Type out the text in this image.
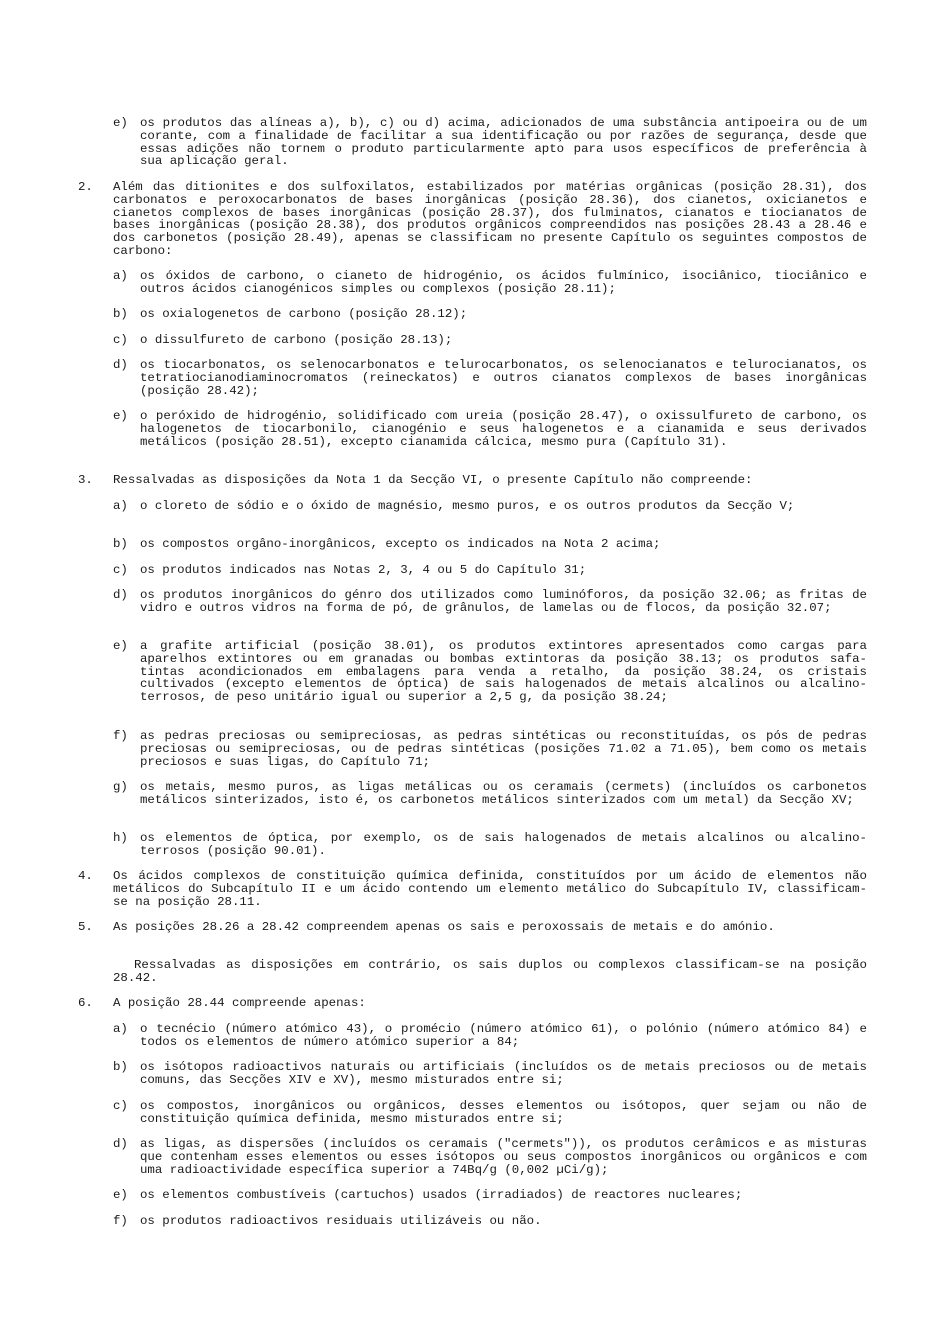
e) os produtos das alíneas a), b), c) ou d) acima, adicionados de uma substância antipoeira ou de um corante, com a finalidade de facilitar a sua identificação ou por razões de segurança, desde que essas adições não tornem o produto particularmente apto para usos específicos de preferência à sua aplicação geral.
2. Além das ditionites e dos sulfoxilatos, estabilizados por matérias orgânicas (posição 28.31), dos carbonatos e peroxocarbonatos de bases inorgânicas (posição 28.36), dos cianetos, oxicianetos e cianetos complexos de bases inorgânicas (posição 28.37), dos fulminatos, cianatos e tiocianatos de bases inorgânicas (posição 28.38), dos produtos orgânicos compreendidos nas posições 28.43 a 28.46 e dos carbonetos (posição 28.49), apenas se classificam no presente Capítulo os seguintes compostos de carbono:
a) os óxidos de carbono, o cianeto de hidrogénio, os ácidos fulmínico, isociânico, tiociânico e outros ácidos cianogénicos simples ou complexos (posição 28.11);
b) os oxialogenetos de carbono (posição 28.12);
c) o dissulfureto de carbono (posição 28.13);
d) os tiocarbonatos, os selenocarbonatos e telurocarbonatos, os selenocianatos e telurocianatos, os tetratiocianodiaminocromatos (reineckatos) e outros cianatos complexos de bases inorgânicas (posição 28.42);
e) o peróxido de hidrogénio, solidificado com ureia (posição 28.47), o oxissulfureto de carbono, os halogenetos de tiocarbonilo, cianogénio e seus halogenetos e a cianamida e seus derivados metálicos (posição 28.51), excepto cianamida cálcica, mesmo pura (Capítulo 31).
3. Ressalvadas as disposições da Nota 1 da Secção VI, o presente Capítulo não compreende:
a) o cloreto de sódio e o óxido de magnésio, mesmo puros, e os outros produtos da Secção V;
b) os compostos orgâno-inorgânicos, excepto os indicados na Nota 2 acima;
c) os produtos indicados nas Notas 2, 3, 4 ou 5 do Capítulo 31;
d) os produtos inorgânicos do génro dos utilizados como luminóforos, da posição 32.06; as fritas de vidro e outros vidros na forma de pó, de grânulos, de lamelas ou de flocos, da posição 32.07;
e) a grafite artificial (posição 38.01), os produtos extintores apresentados como cargas para aparelhos extintores ou em granadas ou bombas extintoras da posição 38.13; os produtos safa-tintas acondicionados em embalagens para venda a retalho, da posição 38.24, os cristais cultivados (excepto elementos de óptica) de sais halogenados de metais alcalinos ou alcalino-terrosos, de peso unitário igual ou superior a 2,5 g, da posição 38.24;
f) as pedras preciosas ou semipreciosas, as pedras sintéticas ou reconstituídas, os pós de pedras preciosas ou semipreciosas, ou de pedras sintéticas (posições 71.02 a 71.05), bem como os metais preciosos e suas ligas, do Capítulo 71;
g) os metais, mesmo puros, as ligas metálicas ou os ceramais (cermets) (incluídos os carbonetos metálicos sinterizados, isto é, os carbonetos metálicos sinterizados com um metal) da Secção XV;
h) os elementos de óptica, por exemplo, os de sais halogenados de metais alcalinos ou alcalino-terrosos (posição 90.01).
4. Os ácidos complexos de constituição química definida, constituídos por um ácido de elementos não metálicos do Subcapítulo II e um ácido contendo um elemento metálico do Subcapítulo IV, classificam-se na posição 28.11.
5. As posições 28.26 a 28.42 compreendem apenas os sais e peroxossais de metais e do amónio.
Ressalvadas as disposições em contrário, os sais duplos ou complexos classificam-se na posição 28.42.
6. A posição 28.44 compreende apenas:
a) o tecnécio (número atómico 43), o promécio (número atómico 61), o polónio (número atómico 84) e todos os elementos de número atómico superior a 84;
b) os isótopos radioactivos naturais ou artificiais (incluídos os de metais preciosos ou de metais comuns, das Secções XIV e XV), mesmo misturados entre si;
c) os compostos, inorgânicos ou orgânicos, desses elementos ou isótopos, quer sejam ou não de constituição química definida, mesmo misturados entre si;
d) as ligas, as dispersões (incluídos os ceramais ("cermets")), os produtos cerâmicos e as misturas que contenham esses elementos ou esses isótopos ou seus compostos inorgânicos ou orgânicos e com uma radioactividade específica superior a 74Bq/g (0,002 µCi/g);
e) os elementos combustíveis (cartuchos) usados (irradiados) de reactores nucleares;
f) os produtos radioactivos residuais utilizáveis ou não.
